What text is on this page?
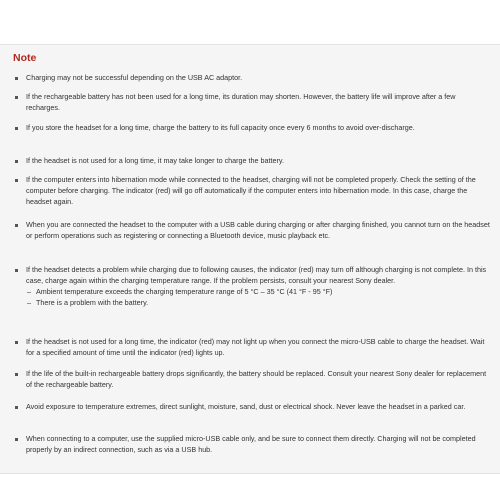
Note
Charging may not be successful depending on the USB AC adaptor.
If the rechargeable battery has not been used for a long time, its duration may shorten. However, the battery life will improve after a few recharges.
If you store the headset for a long time, charge the battery to its full capacity once every 6 months to avoid over-discharge.
If the headset is not used for a long time, it may take longer to charge the battery.
If the computer enters into hibernation mode while connected to the headset, charging will not be completed properly. Check the setting of the computer before charging. The indicator (red) will go off automatically if the computer enters into hibernation mode. In this case, charge the headset again.
When you are connected the headset to the computer with a USB cable during charging or after charging finished, you cannot turn on the headset or perform operations such as registering or connecting a Bluetooth device, music playback etc.
If the headset detects a problem while charging due to following causes, the indicator (red) may turn off although charging is not complete. In this case, charge again within the charging temperature range. If the problem persists, consult your nearest Sony dealer.
– Ambient temperature exceeds the charging temperature range of 5 °C – 35 °C (41 °F - 95 °F)
– There is a problem with the battery.
If the headset is not used for a long time, the indicator (red) may not light up when you connect the micro-USB cable to charge the headset. Wait for a specified amount of time until the indicator (red) lights up.
If the life of the built-in rechargeable battery drops significantly, the battery should be replaced. Consult your nearest Sony dealer for replacement of the rechargeable battery.
Avoid exposure to temperature extremes, direct sunlight, moisture, sand, dust or electrical shock. Never leave the headset in a parked car.
When connecting to a computer, use the supplied micro-USB cable only, and be sure to connect them directly. Charging will not be completed properly by an indirect connection, such as via a USB hub.
